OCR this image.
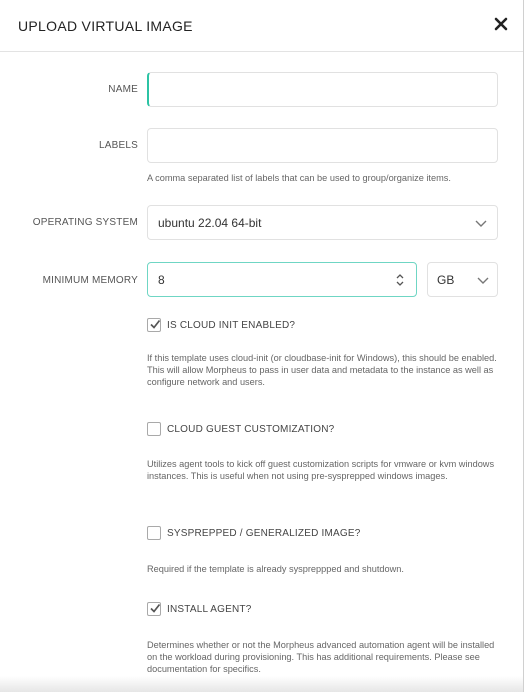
UPLOAD VIRTUAL IMAGE
NAME
LABELS
A comma separated list of labels that can be used to group/organize items.
OPERATING SYSTEM ubuntu 22.04 64-bit
MINIMUM MEMORY
8	GB
IS CLOUD INIT ENABLED?
If this template uses cloud-init (or cloudbase-init for Windows), this should be enabled. This will allow Morpheus to pass in user data and metadata to the instance as well as configure network and users.
CLOUD GUEST CUSTOMIZATION?
Utilizes agent tools to kick off guest customization scripts for vmware or kvm windows instances. This is useful when not using pre-sysprepped windows images.
SYSPREPPED / GENERALIZED IMAGE?
Required if the template is already syspreppped and shutdown.
INSTALL AGENT?
Determines whether or not the Morpheus advanced automation agent will be installed on the workload during provisioning. This has additional requirements. Please see documentation for specifics.
